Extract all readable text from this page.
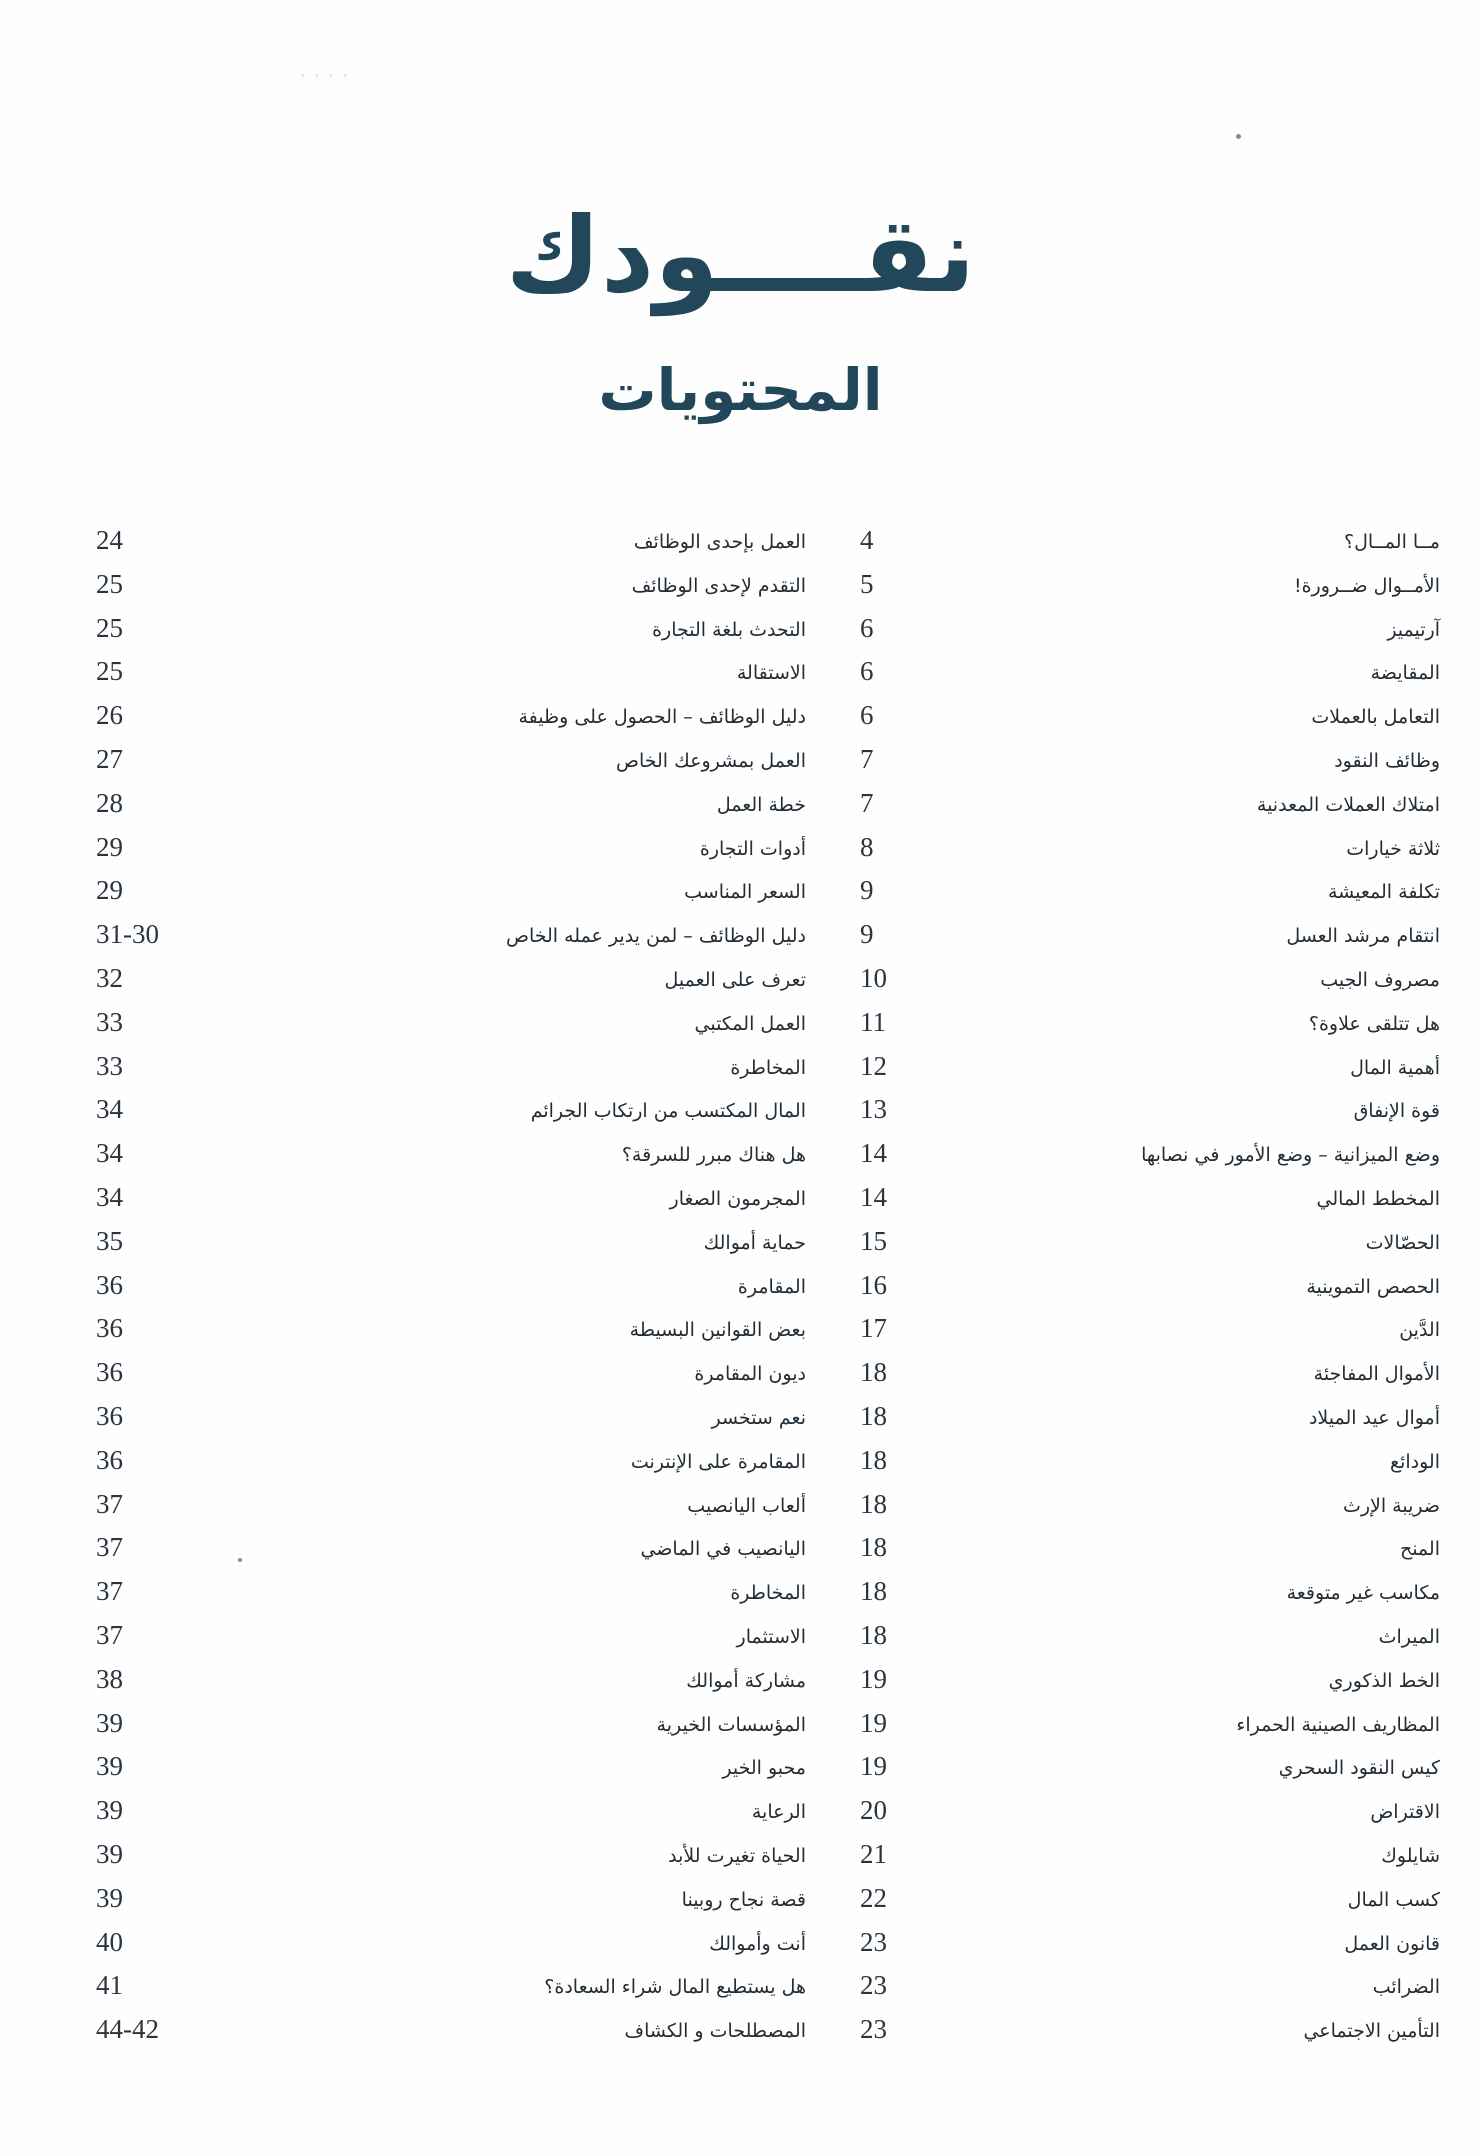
· · · ·
نقــــودك
المحتويات
مــا المــال؟
4
الأمــوال ضــرورة!
5
آرتيميز
6
المقايضة
6
التعامل بالعملات
6
وظائف النقود
7
امتلاك العملات المعدنية
7
ثلاثة خيارات
8
تكلفة المعيشة
9
انتقام مرشد العسل
9
مصروف الجيب
10
هل تتلقى علاوة؟
11
أهمية المال
12
قوة الإنفاق
13
وضع الميزانية – وضع الأمور في نصابها
14
المخطط المالي
14
الحصّالات
15
الحصص التموينية
16
الدَّين
17
الأموال المفاجئة
18
أموال عيد الميلاد
18
الودائع
18
ضريبة الإرث
18
المنح
18
مكاسب غير متوقعة
18
الميراث
18
الخط الذكوري
19
المظاريف الصينية الحمراء
19
كيس النقود السحري
19
الاقتراض
20
شايلوك
21
كسب المال
22
قانون العمل
23
الضرائب
23
التأمين الاجتماعي
23
العمل بإحدى الوظائف
24
التقدم لإحدى الوظائف
25
التحدث بلغة التجارة
25
الاستقالة
25
دليل الوظائف – الحصول على وظيفة
26
العمل بمشروعك الخاص
27
خطة العمل
28
أدوات التجارة
29
السعر المناسب
29
دليل الوظائف – لمن يدير عمله الخاص
31-30
تعرف على العميل
32
العمل المكتبي
33
المخاطرة
33
المال المكتسب من ارتكاب الجرائم
34
هل هناك مبرر للسرقة؟
34
المجرمون الصغار
34
حماية أموالك
35
المقامرة
36
بعض القوانين البسيطة
36
ديون المقامرة
36
نعم ستخسر
36
المقامرة على الإنترنت
36
ألعاب اليانصيب
37
اليانصيب في الماضي
37
المخاطرة
37
الاستثمار
37
مشاركة أموالك
38
المؤسسات الخيرية
39
محبو الخير
39
الرعاية
39
الحياة تغيرت للأبد
39
قصة نجاح روبينا
39
أنت وأموالك
40
هل يستطيع المال شراء السعادة؟
41
المصطلحات و الكشاف
44-42
